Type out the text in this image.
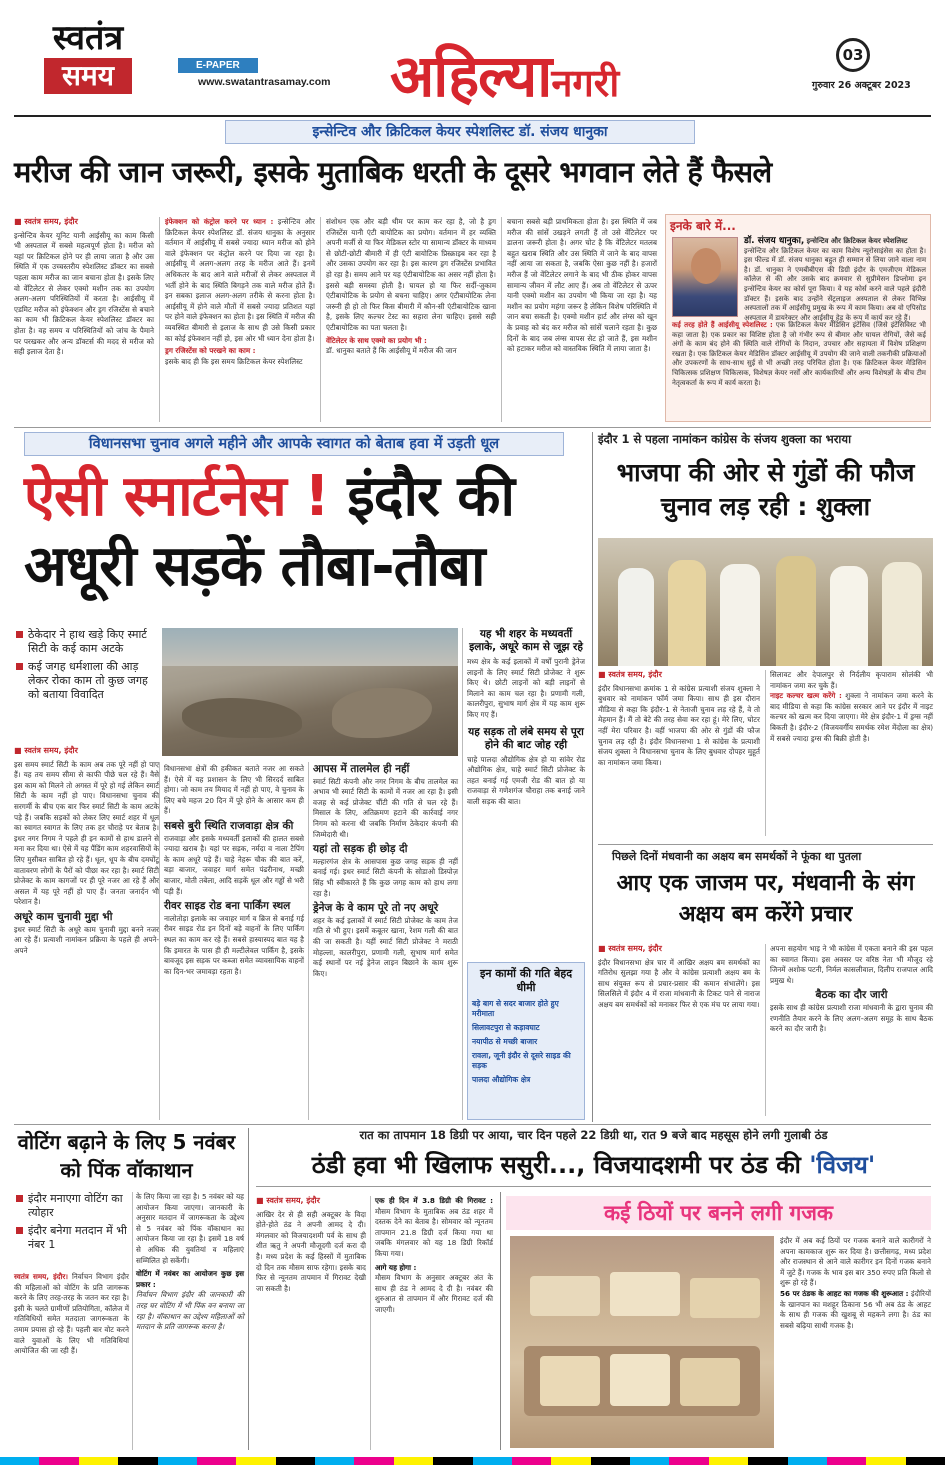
स्वतंत्र
समय	E-PAPER
www.swatantrasamay.com अहिल्यानगरी
03
गुरुवार 26 अक्टूबर 2023
इन्सेन्टिव और क्रिटिकल केयर स्पेशलिस्ट डॉ. संजय धानुका
मरीज की जान जरूरी, इसके मुताबिक धरती के दूसरे भगवान लेते हैं फैसले
■ स्वतंत्र समय, इंदौर
इन्सेन्टिव केयर यूनिट यानी आईसीयू का काम किसी भी अस्पताल में सबसे महत्वपूर्ण होता है। मरीज को यहां पर क्रिटिकल होने पर ही लाया जाता है और उस स्थिति में एक उच्चस्तरीय स्पेशलिस्ट डॉक्टर का सबसे पहला काम मरीज का जान बचाना होता है। इसके लिए वो वेंटिलेटर से लेकर एक्मो मशीन तक का उपयोग अलग-अलग परिस्थितियों में करता है। आईसीयू में एडमिट मरीज को इंफेक्शन और ड्रग रजिस्टेंस से बचाने का काम भी क्रिटिकल केयर स्पेशलिस्ट डॉक्टर का होता है। वह समय व परिस्थितियों को जांच के पैमाने पर परखकर और अन्य डॉक्टर्स की मदद से मरीज को सही इलाज देता है।
इंफेक्शन को कंट्रोल करने पर ध्यान : इन्सेन्टिव और क्रिटिकल केयर स्पेशलिस्ट डॉ. संजय धानुका के अनुसार वर्तमान में आईसीयू में सबसे ज्यादा ध्यान मरीज को होने वाले इंफेक्शन पर कंट्रोल करने पर दिया जा रहा है। आईसीयू में अलग-अलग तरह के मरीज आते हैं। इनमें अधिकतर के बाद आने वाले मरीजों से लेकर अस्पताल में भर्ती होने के बाद स्थिति बिगड़ने तक वाले मरीज होते हैं। इन सबका इलाज अलग-अलग तरीके से करना होता है। आईसीयू में होने वाले मौतों में सबसे ज्यादा प्रतिशत यहां पर होने वाले इंफेक्शन का होता है। इस स्थिति में मरीज की व्यवस्थित बीमारी से इलाज के साथ ही उसे किसी प्रकार का कोई इंफेक्शन नहीं हो, इस ओर भी ध्यान देना होता है।
ड्रग रजिस्टेंस को परखने का काम :
इसके बाद ही कि इस समय क्रिटिकल केयर स्पेशलिस्ट
संशोधन एक और बड़ी थीम पर काम कर रहा है, जो है ड्रग रजिस्टेंस यानी एंटी बायोटिक का प्रयोग। वर्तमान में हर व्यक्ति अपनी मर्जी से या फिर मेडिकल स्टोर या सामान्य डॉक्टर के माध्यम से छोटी-छोटी बीमारी में ही एंटी बायोटिक प्रिस्क्राइब कर रहा है और उसका उपयोग कर रहा है। इस कारण ड्रग रजिस्टेंस प्रभावित हो रहा है। समय आने पर यह एंटीबायोटिक का असर नहीं होता है। इससे बड़ी समस्या होती है। घायल हो या फिर सर्दी-जुकाम एंटीबायोटिक के प्रयोग से बचना चाहिए। अगर एंटीबायोटिक लेना जरूरी ही हो तो फिर किस बीमारी में कौन-सी एंटीबायोटिक खाना है, इसके लिए कल्चर टेस्ट का सहारा लेना चाहिए। इससे सही एंटीबायोटिक का पता चलता है।
वेंटिलेटर के साथ एक्मो का प्रयोग भी :
डॉ. धानुका बताते हैं कि आईसीयू में मरीज की जान
बचाना सबसे बड़ी प्राथमिकता होता है। इस स्थिति में जब मरीज की सांसें उखड़ने लगती हैं तो उसे वेंटिलेटर पर डालना जरूरी होता है। अगर चोट है कि वेंटिलेटर मतलब बहुत खराब स्थिति और उस स्थिति में जाने के बाद वापस नहीं आया जा सकता है, जबकि ऐसा कुछ नहीं है। हजारों मरीज हैं जो वेंटिलेटर लगाने के बाद भी ठीक होकर वापस सामान्य जीवन में लौट आए हैं। अब तो वेंटिलेटर से ऊपर यानी एक्मो मशीन का उपयोग भी किया जा रहा है। यह मशीन का प्रयोग महंगा जरूर है लेकिन विशेष परिस्थिति में जान बचा सकती है। एक्मो मशीन हार्ट और लंग्स को खून के प्रवाह को बंद कर मरीज को सांसें चलाने रहता है। कुछ दिनों के बाद जब लंग्स वापस सेट हो जाते हैं, इस मशीन को हटाकर मरीज को वास्तविक स्थिति में लाया जाता है।
इनके बारे में...
डॉ. संजय धानुका, इन्सेन्टिव और क्रिटिकल केयर स्पेशलिस्ट
इन्सेन्टिव और क्रिटिकल केयर का काम विशेष न्यूरोसाइंसेस का होता है। इस फील्ड में डॉ. संजय धानुका बहुत ही सम्मान से लिया जाने वाला नाम है। डॉ. धानुका ने एमबीबीएस की डिग्री इंदौर के एमजीएम मेडिकल कॉलेज से की और उसके बाद क्रमवार से सुप्रीमेसन डिप्लोमा इन इन्सेन्टिव केयर का कोर्स पूरा किया। वे यह कोर्स करने वाले पहले इंदौरी डॉक्टर हैं। इसके बाद उन्होंने सेंट्रलाइज अस्पताल से लेकर विभिन्न अस्पतालों तक में आईसीयू प्रमुख के रूप में काम किया। अब वो एपिसोड अस्पताल में डायरेक्टर और आईसीयू हेड के रूप में कार्य कर रहे हैं।
कई तरह होते हैं आईसीयू स्पेशलिस्ट : एक क्रिटिकल केयर मेडिसिन इंटेंसिव (जिसे इंटेंसिविस्ट भी कहा जाता है) एक प्रकार का विशिष्ट होता है जो गंभीर रूप से बीमार और घायल रोगियों, जैसे कई अंगों के काम बंद होने की स्थिति वाले रोगियों के निदान, उपचार और सहायता में विशेष प्रशिक्षण रखता है। एक क्रिटिकल केयर मेडिसिन डॉक्टर आईसीयू में उपयोग की जाने वाली तकनीकी प्रक्रियाओं और उपकरणों के साथ-साथ सुई से भी अच्छी तरह परिचित होता है। एक क्रिटिकल केयर मेडिसिन चिकित्सक प्रशिक्षण चिकित्सक, विशेषज्ञ केयर नर्सों और कार्यकारियों और अन्य विशेषज्ञों के बीच टीम नेतृत्वकर्ता के रूप में कार्य करता है।
विधानसभा चुनाव अगले महीने और आपके स्वागत को बेताब हवा में उड़ती धूल
ऐसी स्मार्टनेस ! इंदौर की अधूरी सड़कें तौबा-तौबा
ठेकेदार ने हाथ खड़े किए स्मार्ट सिटी के कई काम अटके
कई जगह धर्मशाला की आड़ लेकर रोका काम तो कुछ जगह को बताया विवादित
■ स्वतंत्र समय, इंदौर
इस समय स्मार्ट सिटी के काम अब तक पूरे नहीं हो पाए हैं। यह तय समय सीमा से काफी पीछे चल रहे हैं। वैसे इस काम को मिलने तो अगस्त में पूरे हो गई लेकिन स्मार्ट सिटी के काम नहीं हो पाए। विधानसभा चुनाव की सरगर्मी के बीच एक बार फिर स्मार्ट सिटी के काम अटके पड़े हैं। जबकि सड़कों को लेकर लिए स्मार्ट शहर में धूल का स्वागत स्वागत के लिए तक हर चौराहे पर बेताब है। इधर नगर निगम ने पहले ही इन कामों से हाथ डालने से मना कर दिया था। ऐसे में यह पैंडिंग काम शहरवासियों के लिए मुसीबत साबित हो रहे हैं। धूल, धूप के बीच दमघोंटू वातावरण लोगों के पैरों को पीछा कर रहा है। स्मार्ट सिटी प्रोजेक्ट के काम कागजों पर ही पूरे नजर आ रहे हैं और असल में यह पूरे नहीं हो पाए हैं। जनता जनार्दन भी परेशान है।
अधूरे काम चुनावी मुद्दा भी
इधर स्मार्ट सिटी के अधूरे काम चुनावी मुद्दा बनने नजर आ रहे हैं। प्रत्याशी नामांकन प्रक्रिया के पहले ही अपने-अपने
विधानसभा क्षेत्रों की हकीकत बताते नजर आ सकते हैं। ऐसे में यह प्रशासन के लिए भी सिरदर्द साबित होगा। जो काम तय मियाद में नहीं हो पाए, वे चुनाव के लिए बचे महज 20 दिन में पूरे होने के आसार कम ही हैं।
सबसे बुरी स्थिति राजवाड़ा क्षेत्र की
राजवाड़ा और इसके मध्यवर्ती इलाकों की हालत सबसे ज्यादा खराब है। यहां पर सड़क, नर्मदा व नाला टैपिंग के काम अधूरे पड़े हैं। चाहे नेहरू चौक की बात करें, बड़ा बाजार, जवाहर मार्ग समेत पंढरीनाथ, मच्छी बाजार, मोती तबेला, आदि सड़कें धूल और गड्ढों से भरी पड़ी हैं।
रीवर साइड रोड बना पार्किंग स्थल
नालोतोड़ा इलाके का जवाहर मार्ग व ब्रिज से बनाई गई रीवर साइड रोड इन दिनों बड़े वाहनों के लिए पार्किंग स्थल का काम कर रहे हैं। सबसे हास्यास्पद बात यह है कि इमारत के पास ही ही मल्टीलेवल पार्किंग है, इसके बावजूद इस सड़क पर कब्जा समेत व्यावसायिक वाहनों का दिन-भर जमावड़ा रहता है।
आपस में तालमेल ही नहीं
स्मार्ट सिटी कंपनी और नगर निगम के बीच तालमेल का अभाव भी स्मार्ट सिटी के कामों में नजर आ रहा है। इसी वजह से कई प्रोजेक्ट चींटी की गति से चल रहे हैं। मिसाल के लिए, अतिक्रमण हटाने की कार्रवाई नगर निगम को करना थी जबकि निर्माण ठेकेदार कंपनी की जिम्मेदारी थी।
यहां तो सड़क ही छोड़ दी
मल्हारगंज क्षेत्र के आसपास कुछ जगह सड़क ही नहीं बनाई गई। इधर स्मार्ट सिटी कंपनी के सोडाओ डिस्पोज़ सिंह भी स्वीकारते हैं कि कुछ जगह काम को हाथ लगा रहा है।
ड्रेनेज के वे काम पूरे तो नए अधूरे
शहर के कई इलाकों में स्मार्ट सिटी प्रोजेक्ट के काम तेज गति से भी हुए। इसमें कबूतर खाना, रेशम गली की बात की जा सकती है। यहीं स्मार्ट सिटी प्रोजेक्ट ने मराठी मोहल्ला, कालरीपुरा, प्रणामी गली, सुभाष मार्ग समेत कई स्थानों पर नई ड्रेनेज लाइन बिछाने के काम शुरू किए।
यह भी शहर के मध्यवर्ती इलाके, अधूरे काम से जूझ रहे
मध्य क्षेत्र के कई इलाकों में वर्षों पुरानी ड्रेनेज लाइनों के लिए स्मार्ट सिटी प्रोजेक्ट ने शुरू किए थे। छोटी लाइनों को बड़ी लाइनों से मिलाने का काम चल रहा है। प्रणामी गली, कालरीपुरा, सुभाष मार्ग क्षेत्र में यह काम शुरू किए गए हैं।
यह सड़क तो लंबे समय से पूरा होने की बाट जोह रही
चाहे पालदा औद्योगिक क्षेत्र हो या सांवेर रोड औद्योगिक क्षेत्र, चाहे स्मार्ट सिटी प्रोजेक्ट के तहत बनाई गई एमजी रोड की बात हो या राजवाड़ा से गणेशगंज चौराहा तक बनाई जाने वाली सड़क की बात।
इन कामों की गति बेहद धीमी
बड़े बाग से सदर बाजार होते हुए मरीमाता
सिलावटपुरा से कड़ावघाट
नयापीठ से मच्छी बाजार
रावला, जूनी इंदौर से दूसरे साइड की सड़क
पालदा औद्योगिक क्षेत्र
इंदौर 1 से पहला नामांकन कांग्रेस के संजय शुक्ला का भराया
भाजपा की ओर से गुंडों की फौज चुनाव लड़ रही : शुक्ला
■ स्वतंत्र समय, इंदौर
इंदौर विधानसभा क्रमांक 1 से कांग्रेस प्रत्याशी संजय शुक्ला ने बुधवार को नामांकन फॉर्म जमा किया। साथ ही इस दौरान मीडिया से कहा कि इंदौर-1 से नेताजी चुनाव लड़ रहे हैं, वे तो मेहमान हैं। मैं तो बेटे की तरह सेवा कर रहा हूं। मेरे लिए, घोटर नहीं मेरा परिवार है। वहीं भाजपा की ओर से गुंडों की फौज चुनाव लड़ रही है। इंदौर विधानसभा 1 से कांग्रेस के प्रत्याशी संजय शुक्ला ने विधानसभा चुनाव के लिए बुधवार दोपहर मुहूर्त का नामांकन जमा किया।
सिलावट और देपालपुर से निर्दलीय कृपाराम सोलंकी भी नामांकन जमा कर चुके हैं।
नाइट कल्चर खत्म करेंगे : शुक्ला ने नामांकन जमा करने के बाद मीडिया से कहा कि कांग्रेस सरकार आने पर इंदौर में नाइट कल्चर को खत्म कर दिया जाएगा। मेरे क्षेत्र इंदौर-1 में ड्रग्स नहीं बिकती है। इंदौर-2 (विजयवर्गीय समर्थक रमेश मेंदोला का क्षेत्र) में सबसे ज्यादा ड्रग्स की बिक्री होती है।
पिछले दिनों मंधवानी का अक्षय बम समर्थकों ने फूंका था पुतला
आए एक जाजम पर, मंधवानी के संग अक्षय बम करेंगे प्रचार
■ स्वतंत्र समय, इंदौर
इंदौर विधानसभा क्षेत्र चार में आखिर अक्षय बम समर्थकों का गतिरोध सुलझा गया है और वे कांग्रेस प्रत्याशी अक्षय बम के साथ संयुक्त रूप से प्रचार-प्रसार की कमान संभालेंगे। इस सिलसिले में इंदौर 4 में राजा मांधवानी के टिकट पाने से नाराज अक्षय बम समर्थकों को मनाकर फिर से एक मंच पर लाया गया।
अपना सहयोग भाइ ने भी कांग्रेस में एकता बनाने की इस पहल का स्वागत किया। इस अवसर पर वरिष्ठ नेता भी मौजूद रहे जिनमें अशोक पटनी, निर्मल कासलीवाल, दिलीप राजपाल आदि प्रमुख थे।
बैठक का दौर जारी
इसके साथ ही कांग्रेस प्रत्याशी राजा मांधवानी के द्वारा चुनाव की रणनीति तैयार करने के लिए अलग-अलग समूह के साथ बैठक करने का दौर जारी है।
वोटिंग बढ़ाने के लिए 5 नवंबर को पिंक वॉकाथान
इंदौर मनाएगा वोटिंग का त्योहार
इंदौर बनेगा मतदान में भी नंबर 1
स्वतंत्र समय, इंदौर। निर्वाचन विभाग इंदौर की महिलाओं को वोटिंग के प्रति जागरूक करने के लिए तरह-तरह के जतन कर रहा है। इसी के चलते ग्रामीणों प्रतियोगिता, कॉलेज में गतिविधियों समेत मतदाता जागरूकता के तमाम प्रयास हो रहे हैं। पहली बार वोट करने वाले युवाओं के लिए भी गतिविधियां आयोजित की जा रही हैं।
के लिए किया जा रहा है। 5 नवंबर को यह आयोजन किया जाएगा। जानकारी के अनुसार मतदान में जागरूकता के उद्देश्य से 5 नवंबर को पिंक वॉकाथान का आयोजन किया जा रहा है। इसमें 18 वर्ष से अधिक की युवतियां व महिलाएं सम्मिलित हो सकेंगी।
वोटिंग में नवंबर का आयोजन कुछ इस प्रकार :
निर्वाचन विभाग इंदौर की जानकारी की तरह घर वोटिंग में भी पिंक वन बनाया जा रहा है। वॉकाथान का उद्देश्य महिलाओं को मतदान के प्रति जागरूक करना है।
रात का तापमान 18 डिग्री पर आया, चार दिन पहले 22 डिग्री था, रात 9 बजे बाद महसूस होने लगी गुलाबी ठंड
ठंडी हवा भी खिलाफ ससुरी..., विजयादशमी पर ठंड की 'विजय'
■ स्वतंत्र समय, इंदौर
आखिर देर से ही सही अक्टूबर के विदा होते-होते ठंड ने अपनी आमद दे दी। मंगलवार को विजयादशमी पर्व के साथ ही शीत ऋतु ने अपनी मौजूदगी दर्ज करा दी है। मध्य प्रदेश के कई हिस्सों में मुताबिक दो दिन तक मौसम साफ रहेगा। इसके बाद फिर से न्यूनतम तापमान में गिरावट देखी जा सकती है।
एक ही दिन में 3.8 डिग्री की गिरावट : मौसम विभाग के मुताबिक अब ठंड शहर में दस्तक देने का बेताब है। सोमवार को न्यूनतम तापमान 21.8 डिग्री दर्ज किया गया था जबकि मंगलवार को यह 18 डिग्री रिकॉर्ड किया गया।
आगे यह होगा :
मौसम विभाग के अनुसार अक्टूबर अंत के साथ ही ठंड ने आमद दे दी है। नवंबर की शुरुआत से तापमान में और गिरावट दर्ज की जाएगी।
कई ठियों पर बनने लगी गजक
इंदौर में अब कई ठियों पर गजक बनाने वाले कारीगरों ने अपना कामकाज शुरू कर दिया है। छत्तीसगढ़, मध्य प्रदेश और राजस्थान से आने वाले कारीगर इन दिनों गजक बनाने में जुटे हैं। गजक के भाव इस बार 350 रुपए प्रति किलो से शुरू हो रहे हैं।
56 पर ठंडक के आहट का गजक की शुरूआत : इंदौरियों के खानपान का मशहूर ठिकाना 56 भी अब ठंड के आहट के साथ ही गजक की खुशबू से महकने लगा है। ठंड का सबसे बढ़िया साथी गजक है।
